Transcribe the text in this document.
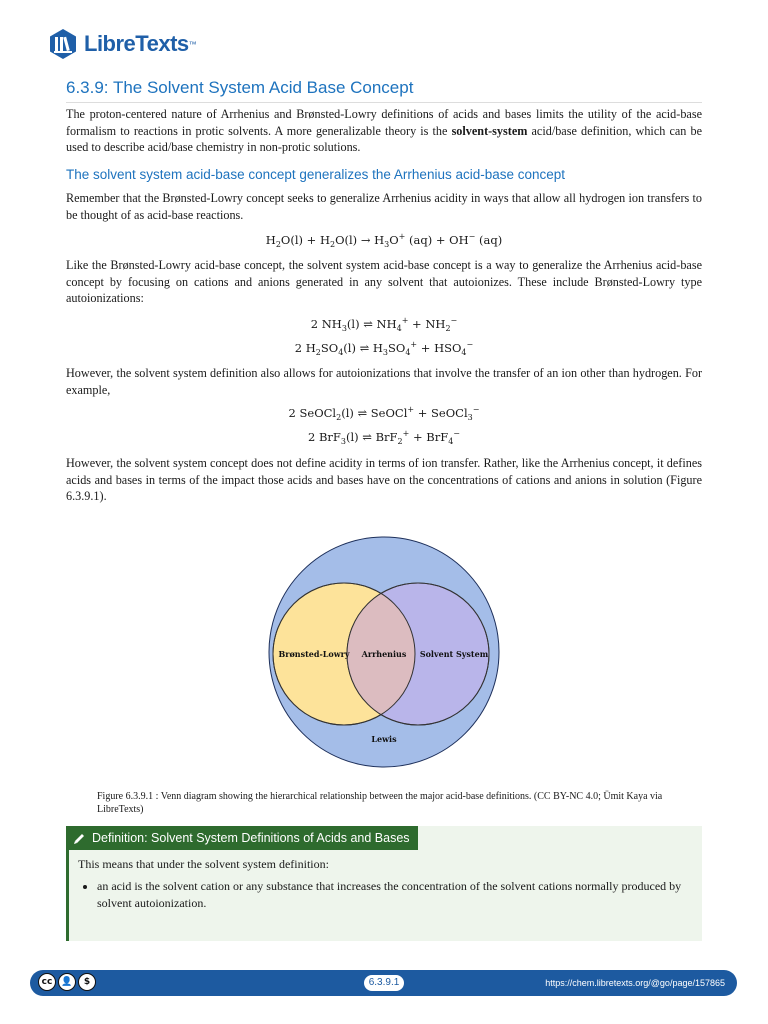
LibreTexts ™
6.3.9: The Solvent System Acid Base Concept

The proton-centered nature of Arrhenius and Brønsted-Lowry definitions of acids and bases limits the utility of the acid-base formalism to reactions in protic solvents. A more generalizable theory is the solvent-system acid/base definition, which can be used to describe acid/base chemistry in non-protic solutions.

The solvent system acid-base concept generalizes the Arrhenius acid-base concept

Remember that the Brønsted-Lowry concept seeks to generalize Arrhenius acidity in ways that allow all hydrogen ion transfers to be thought of as acid-base reactions.

$H_2O(l) + H_2O(l) \to H_3O^+$ (aq) + OH− (aq)

Like the Brønsted-Lowry acid-base concept, the solvent system acid-base concept is a way to generalize the Arrhenius acid-base concept by focusing on cations and anions generated in any solvent that autoionizes. These include Brønsted-Lowry type autoionizations:

2 $NH_3(l)$ ⇌ $NH_4^+ + NH_2^-$
2 $H_2SO_4(l)$ ⇌ $H_3SO_4^+ + HSO_4^-$

However, the solvent system definition also allows for autoionizations that involve the transfer of an ion other than hydrogen. For example,

2 SeOCl$_2$(l) ⇌ SeOCl+ + SeOCl$_3$−
2 BrF$_3$(l) ⇌ BrF$_2$+ + BrF$_4$−

However, the solvent system concept does not define acidity in terms of ion transfer. Rather, like the Arrhenius concept, it defines acids and bases in terms of the impact those acids and bases have on the concentrations of cations and anions in solution (Figure 6.3.9.1).

Brønsted-Lowry Arrhenius Solvent System
Lewis

Figure 6.3.9.1 : Venn diagram showing the hierarchical relationship between the major acid-base definitions. (CC BY-NC 4.0; Ümit Kaya via LibreTexts)

Definition: Solvent System Definitions of Acids and Bases

This means that under the solvent system definition:

• an acid is the solvent cation or any substance that increases the concentration of the solvent cations normally produced by solvent autoionization.
cc	👤	$	6.3.9.1	https://chem.libretexts.org/@go/page/157865
